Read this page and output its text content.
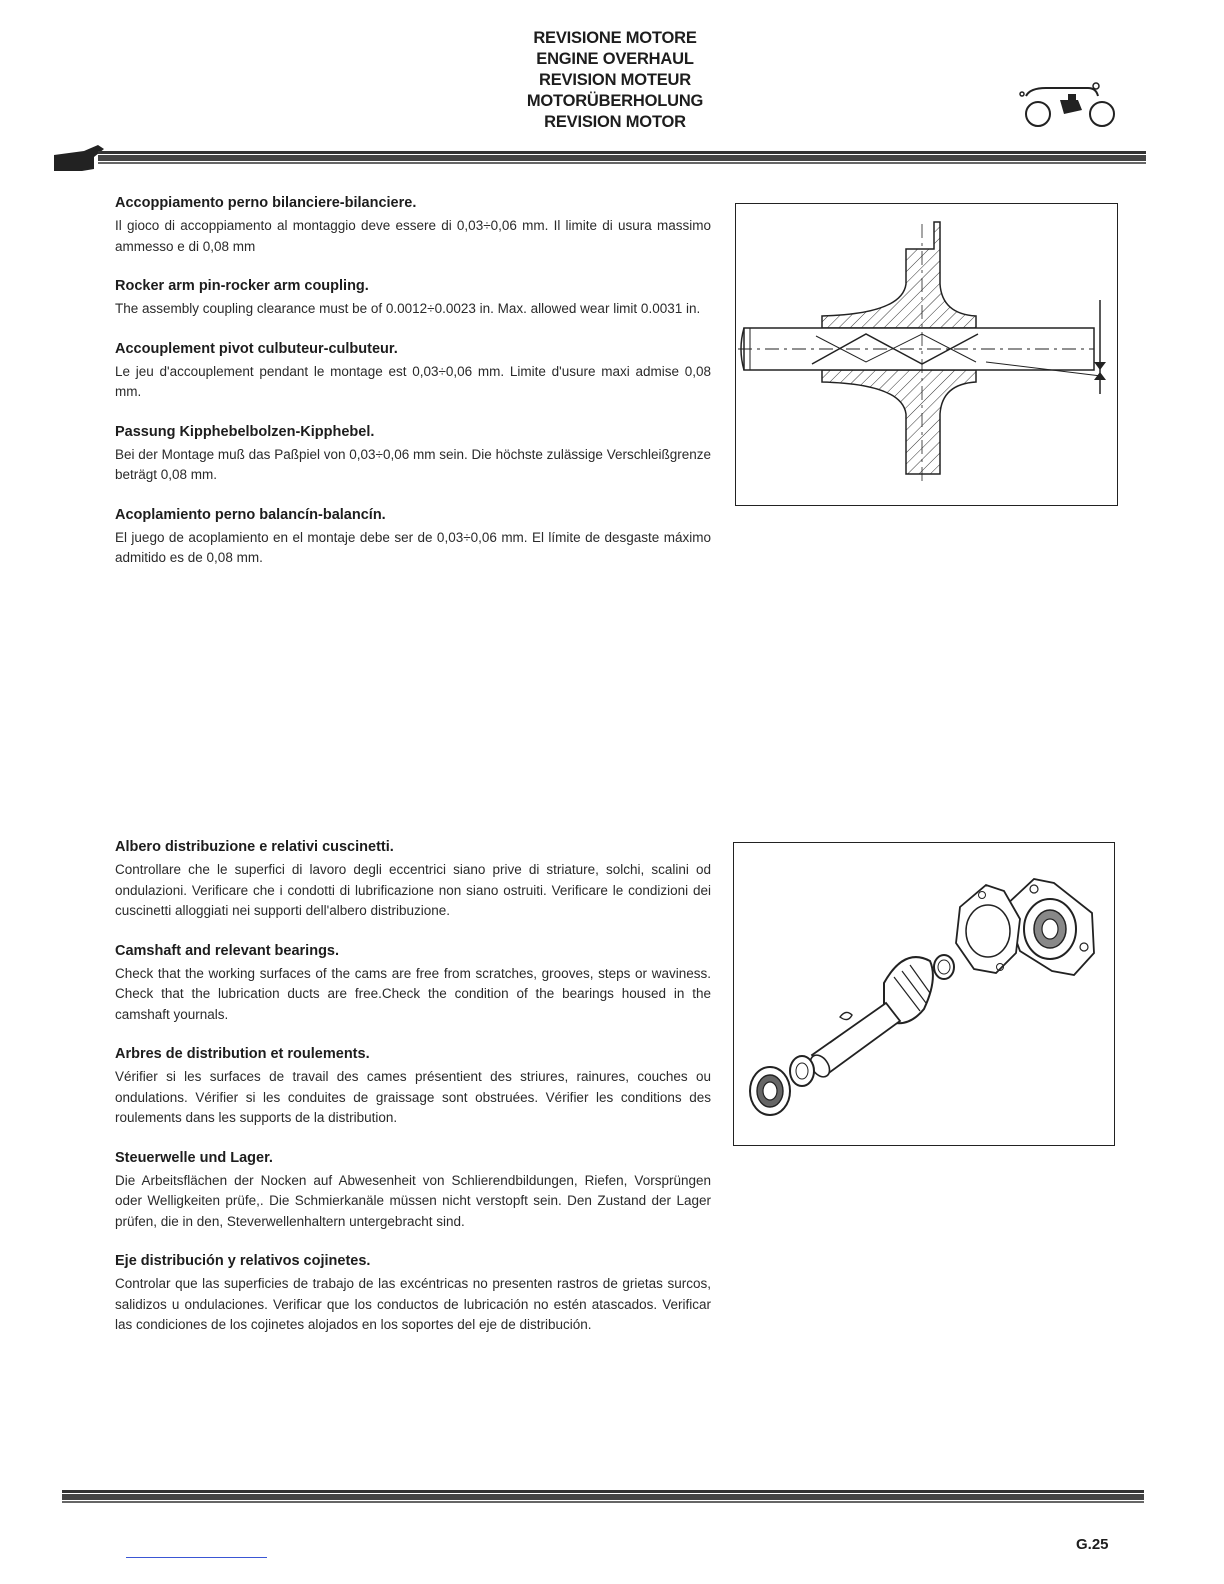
REVISIONE MOTORE
ENGINE OVERHAUL
REVISION MOTEUR
MOTORÜBERHOLUNG
REVISION MOTOR
Accoppiamento perno bilanciere-bilanciere.

Il gioco di accoppiamento al montaggio deve essere di 0,03÷0,06 mm. Il limite di usura massimo ammesso e di 0,08 mm

Rocker arm pin-rocker arm coupling.

The assembly coupling clearance must be of 0.0012÷0.0023 in. Max. allowed wear limit 0.0031 in.

Accouplement pivot culbuteur-culbuteur.

Le jeu d'accouplement pendant le montage est 0,03÷0,06 mm. Limite d'usure maxi admise 0,08 mm.

Passung Kipphebelbolzen-Kipphebel.

Bei der Montage muß das Paßpiel von 0,03÷0,06 mm sein. Die höchste zulässige Verschleißgrenze beträgt 0,08 mm.

Acoplamiento perno balancín-balancín.

El juego de acoplamiento en el montaje debe ser de 0,03÷0,06 mm. El límite de desgaste máximo admitido es de 0,08 mm.

Albero distribuzione e relativi cuscinetti.

Controllare che le superfici di lavoro degli eccentrici siano prive di striature, solchi, scalini od ondulazioni. Verificare che i condotti di lubrificazione non siano ostruiti. Verificare le condizioni dei cuscinetti alloggiati nei supporti dell'albero distribuzione.

Camshaft and relevant bearings.

Check that the working surfaces of the cams are free from scratches, grooves, steps or waviness. Check that the lubrication ducts are free.Check the condition of the bearings housed in the camshaft yournals.

Arbres de distribution et roulements.

Vérifier si les surfaces de travail des cames présentient des striures, rainures, couches ou ondulations. Vérifier si les conduites de graissage sont obstruées. Vérifier les conditions des roulements dans les supports de la distribution.

Steuerwelle und Lager.

Die Arbeitsflächen der Nocken auf Abwesenheit von Schlierendbildungen, Riefen, Vorsprüngen oder Welligkeiten prüfe,. Die Schmierkanäle müssen nicht verstopft sein. Den Zustand der Lager prüfen, die in den, Steverwellenhaltern untergebracht sind.

Eje distribución y relativos cojinetes.

Controlar que las superficies de trabajo de las excéntricas no presenten rastros de grietas surcos, salidizos u ondulaciones. Verificar que los conductos de lubricación no estén atascados. Verificar las condiciones de los cojinetes alojados en los soportes del eje de distribución.

G.25
